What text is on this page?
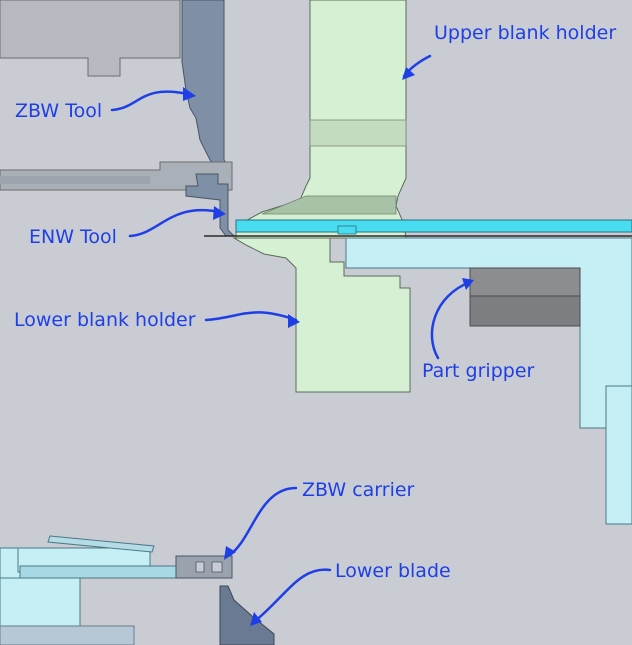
Upper blank holder
ZBW Tool
ENW Tool
Lower blank holder
Part gripper
ZBW carrier
Lower blade
